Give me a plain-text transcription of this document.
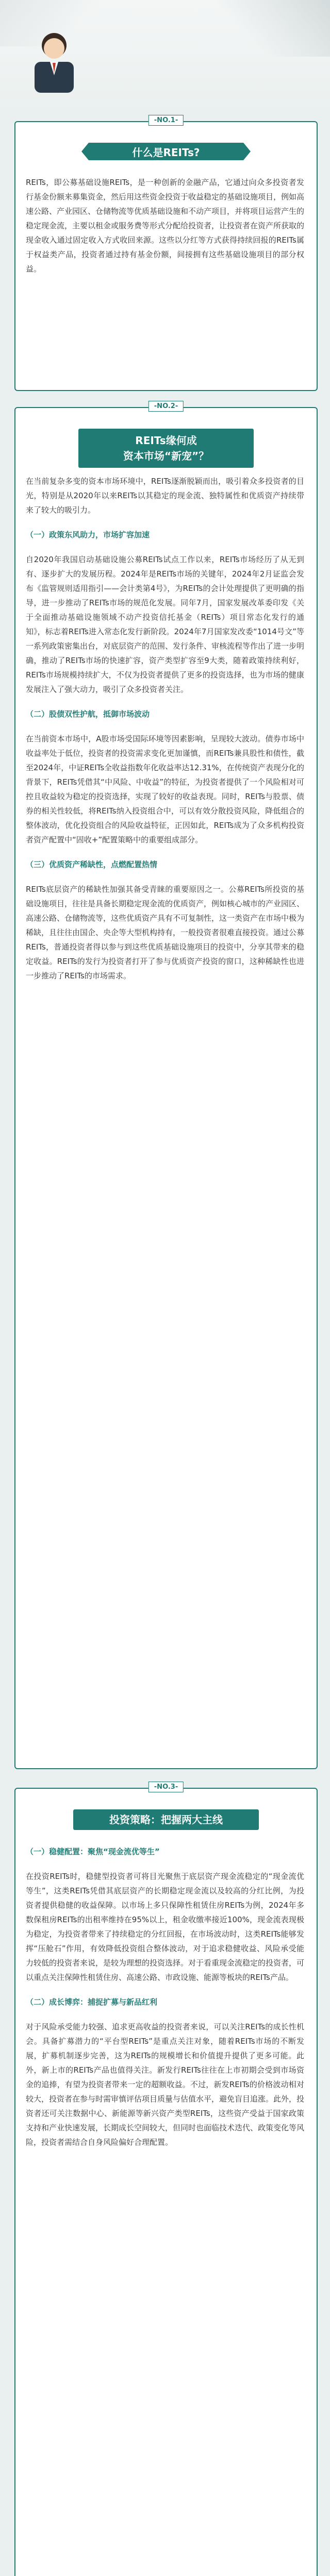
-NO.1-
什么是REITs?

REITs，即公募基础设施REITs，是一种创新的金融产品，它通过向众多投资者发行基金份额来募集资金，然后用这些资金投资于收益稳定的基础设施项目，例如高速公路、产业园区、仓储物流等优质基础设施和不动产项目，并将项目运营产生的稳定现金流，主要以租金或服务费等形式分配给投资者，让投资者在资产所获取的现金收入通过固定收入方式收回来源。这些以分红等方式获得持续回报的REITs属于权益类产品，投资者通过持有基金份额，间接拥有这些基础设施项目的部分权益。

-NO.2-
REITs缘何成
资本市场“新宠”？

在当前复杂多变的资本市场环境中，REITs逐渐脱颖而出，吸引着众多投资者的目光，特别是从2020年以来REITs以其稳定的现金流、独特属性和优质资产持续带来了较大的吸引力。

（一）政策东风助力，市场扩容加速

自2020年我国启动基础设施公募REITs试点工作以来，REITs市场经历了从无到有、逐步扩大的发展历程。2024年是REITs市场的关键年，2024年2月证监会发布《监管规则适用指引——会计类第4号》，为REITs的会计处理提供了更明确的指导，进一步推动了REITs市场的规范化发展。同年7月，国家发展改革委印发《关于全面推动基础设施领域不动产投资信托基金（REITs）项目常态化发行的通知》，标志着REITs进入常态化发行新阶段。2024年7月国家发改委“1014号文”等一系列政策密集出台，对底层资产的范围、发行条件、审核流程等作出了进一步明确，推动了REITs市场的快速扩容，资产类型扩容至9大类，随着政策持续利好，REITs市场规模持续扩大，不仅为投资者提供了更多的投资选择，也为市场的健康发展注入了强大动力，吸引了众多投资者关注。

（二）股债双性护航，抵御市场波动

在当前资本市场中，A股市场受国际环境等因素影响，呈现较大波动。债券市场中收益率处于低位，投资者的投资需求变化更加谨慎，而REITs兼具股性和债性，截至2024年，中证REITs全收益指数年化收益率达12.31%，在传统资产表现分化的背景下，REITs凭借其“中风险、中收益”的特征，为投资者提供了一个风险相对可控且收益较为稳定的投资选择，实现了较好的收益表现。同时，REITs与股票、债券的相关性较低，将REITs纳入投资组合中，可以有效分散投资风险，降低组合的整体波动，优化投资组合的风险收益特征，正因如此，REITs成为了众多机构投资者资产配置中“固收+”配置策略中的重要组成部分。

（三）优质资产稀缺性，点燃配置热情

REITs底层资产的稀缺性加强其备受青睐的重要原因之一。公募REITs所投资的基础设施项目，往往是具备长期稳定现金流的优质资产，例如核心城市的产业园区、高速公路、仓储物流等，这些优质资产具有不可复制性，这一类资产在市场中极为稀缺，且往往由国企、央企等大型机构持有，一般投资者很难直接投资。通过公募REITs，普通投资者得以参与到这些优质基础设施项目的投资中，分享其带来的稳定收益。REITs的发行为投资者打开了参与优质资产投资的窗口，这种稀缺性也进一步推动了REITs的市场需求。

-NO.3-
投资策略：把握两大主线

（一）稳健配置：聚焦“现金流优等生”

在投资REITs时，稳健型投资者可将目光聚焦于底层资产现金流稳定的“现金流优等生”，这类REITs凭借其底层资产的长期稳定现金流以及较高的分红比例，为投资者提供稳健的收益保障。以市场上多只保障性租赁住房REITs为例，2024年多数保租房REITs的出租率维持在95%以上，租金收缴率接近100%，现金流表现极为稳定，为投资者带来了持续稳定的分红回报，在市场波动时，这类REITs能够发挥“压舱石”作用，有效降低投资组合整体波动，对于追求稳健收益、风险承受能力较低的投资者来说，是较为理想的投资选择。对于看重现金流稳定的投资者，可以重点关注保障性租赁住房、高速公路、市政设施、能源等板块的REITs产品。

（二）成长博弈：捕捉扩募与新品红利

对于风险承受能力较强、追求更高收益的投资者来说，可以关注REITs的成长性机会。具备扩募潜力的“平台型REITs”是重点关注对象，随着REITs市场的不断发展，扩募机制逐步完善，这为REITs的规模增长和价值提升提供了更多可能。此外，新上市的REITs产品也值得关注。新发行REITs往往在上市初期会受到市场资金的追捧，有望为投资者带来一定的超额收益。不过，新发REITs的价格波动相对较大，投资者在参与时需审慎评估项目质量与估值水平，避免盲目追涨。此外，投资者还可关注数据中心、新能源等新兴资产类型REITs，这些资产受益于国家政策支持和产业快速发展，长期成长空间较大，但同时也面临技术迭代、政策变化等风险，投资者需结合自身风险偏好合理配置。
